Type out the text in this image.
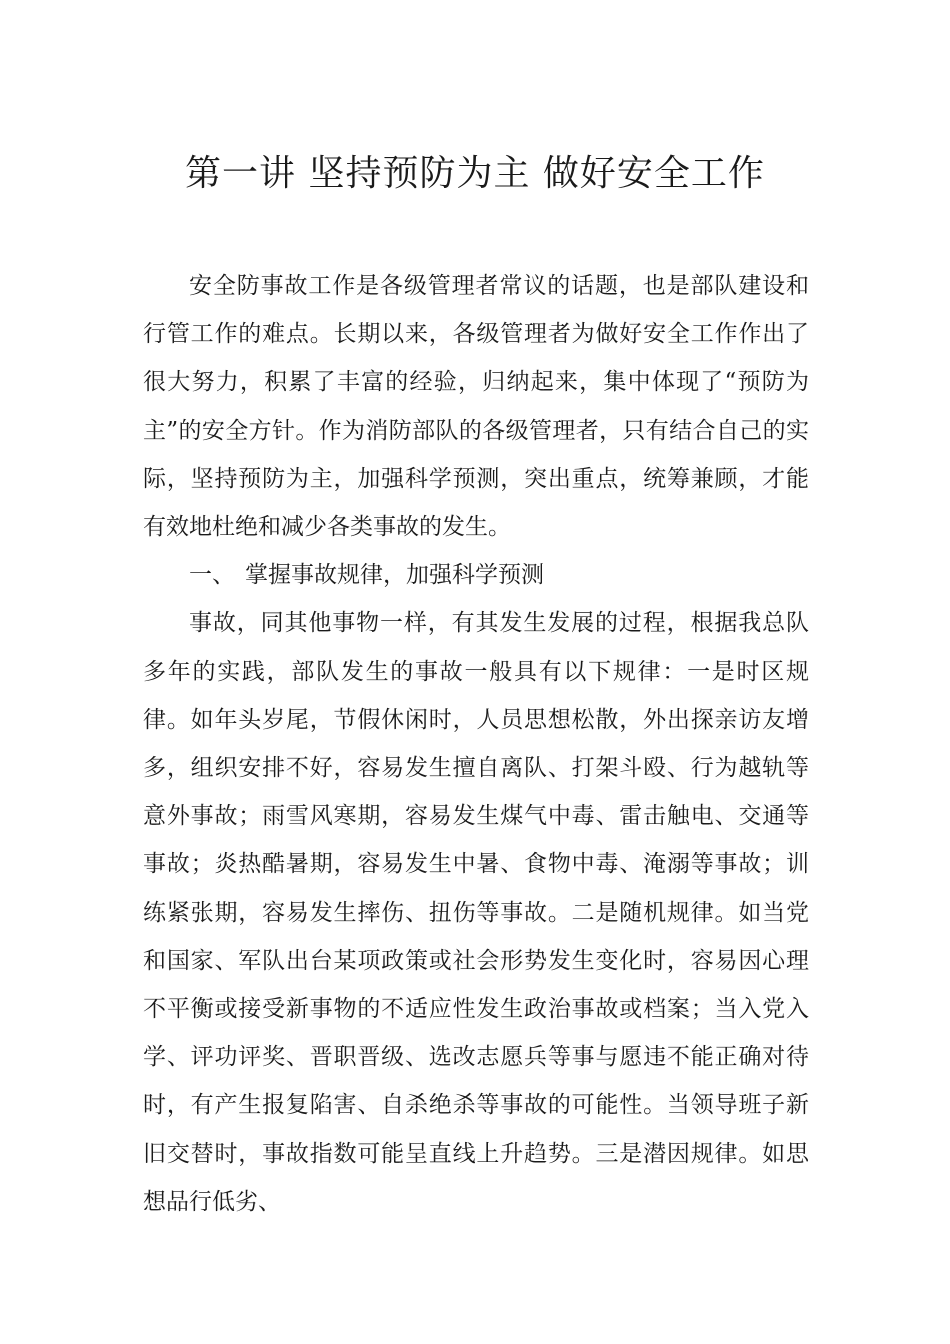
第一讲 坚持预防为主 做好安全工作

安全防事故工作是各级管理者常议的话题，也是部队建设和行管工作的难点。长期以来，各级管理者为做好安全工作作出了很大努力，积累了丰富的经验，归纳起来，集中体现了“预防为主”的安全方针。作为消防部队的各级管理者，只有结合自己的实际，坚持预防为主，加强科学预测，突出重点，统筹兼顾，才能有效地杜绝和减少各类事故的发生。

一、 掌握事故规律，加强科学预测

事故，同其他事物一样，有其发生发展的过程，根据我总队多年的实践，部队发生的事故一般具有以下规律：一是时区规律。如年头岁尾，节假休闲时，人员思想松散，外出探亲访友增多，组织安排不好，容易发生擅自离队、打架斗殴、行为越轨等意外事故；雨雪风寒期，容易发生煤气中毒、雷击触电、交通等事故；炎热酷暑期，容易发生中暑、食物中毒、淹溺等事故；训练紧张期，容易发生摔伤、扭伤等事故。二是随机规律。如当党和国家、军队出台某项政策或社会形势发生变化时，容易因心理不平衡或接受新事物的不适应性发生政治事故或档案；当入党入学、评功评奖、晋职晋级、选改志愿兵等事与愿违不能正确对待时，有产生报复陷害、自杀绝杀等事故的可能性。当领导班子新旧交替时，事故指数可能呈直线上升趋势。三是潜因规律。如思想品行低劣、
